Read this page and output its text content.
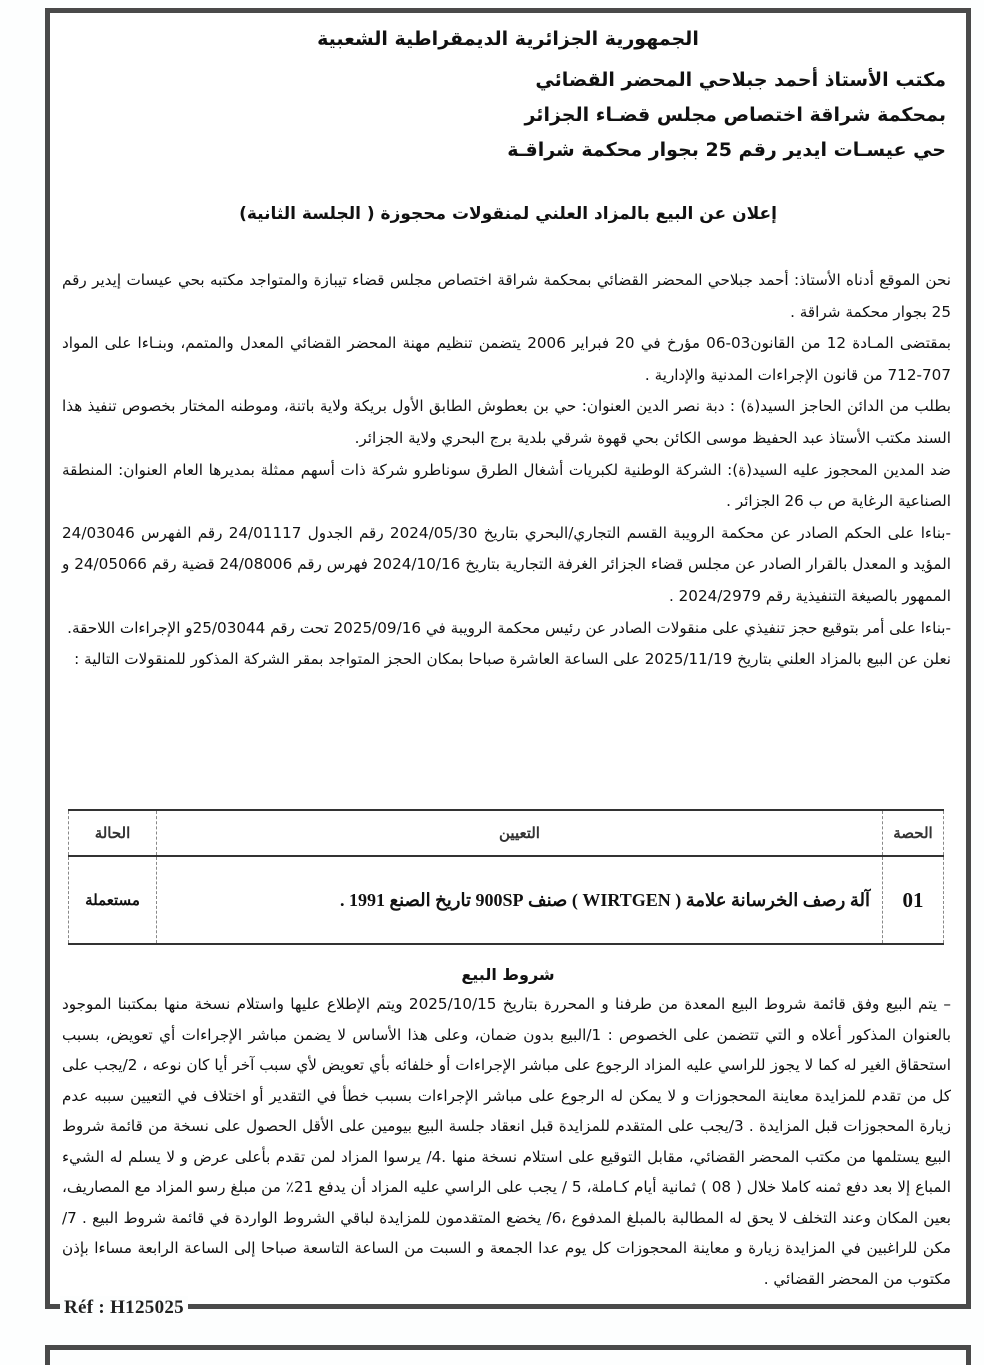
الجمهورية الجزائرية الديمقراطية الشعبية
مكتب الأستاذ أحمد جبلاحي المحضر القضائي
بمحكمة شراقة اختصاص مجلس قضـاء الجزائر
حي عيسـات ايدير رقم 25 بجوار محكمة شراقـة
إعلان عن البيع بالمزاد العلني لمنقولات محجوزة ( الجلسة الثانية)

نحن الموقع أدناه الأستاذ: أحمد جبلاحي المحضر القضائي بمحكمة شراقة اختصاص مجلس قضاء تيبازة والمتواجد مكتبه بحي عيسات إيدير رقم 25 بجوار محكمة شراقة .

بمقتضى المـادة 12 من القانون03-06 مؤرخ في 20 فبراير 2006 يتضمن تنظيم مهنة المحضر القضائي المعدل والمتمم، وبنـاءا على المواد 707-712 من قانون الإجراءات المدنية والإدارية .

بطلب من الدائن الحاجز السيد(ة) : دبة نصر الدين العنوان: حي بن بعطوش الطابق الأول بريكة ولاية باتنة، وموطنه المختار بخصوص تنفيذ هذا السند مكتب الأستاذ عبد الحفيظ موسى الكائن بحي قهوة شرقي بلدية برج البحري ولاية الجزائر.

ضد المدين المحجوز عليه السيد(ة): الشركة الوطنية لكبريات أشغال الطرق سوناطرو شركة ذات أسهم ممثلة بمديرها العام العنوان: المنطقة الصناعية الرغاية ص ب 26 الجزائر .

-بناءا على الحكم الصادر عن محكمة الرويبة القسم التجاري/البحري بتاريخ 2024/05/30 رقم الجدول 24/01117 رقم الفهرس 24/03046 المؤيد و المعدل بالقرار الصادر عن مجلس قضاء الجزائر الغرفة التجارية بتاريخ 2024/10/16 فهرس رقم 24/08006 قضية رقم 24/05066 و الممهور بالصيغة التنفيذية رقم 2024/2979 .

-بناءا على أمر بتوقيع حجز تنفيذي على منقولات الصادر عن رئيس محكمة الرويبة في 2025/09/16 تحت رقم 25/03044و الإجراءات اللاحقة.

نعلن عن البيع بالمزاد العلني بتاريخ 2025/11/19 على الساعة العاشرة صباحا بمكان الحجز المتواجد بمقر الشركة المذكور للمنقولات التالية :

الحصة	التعيين	الحالة
01	آلة رصف الخرسانة علامة ( WIRTGEN ) صنف 900SP تاريخ الصنع 1991 .	مستعملة
شروط البيع

– يتم البيع وفق قائمة شروط البيع المعدة من طرفنا و المحررة بتاريخ 2025/10/15 ويتم الإطلاع عليها واستلام نسخة منها بمكتبنا الموجود بالعنوان المذكور أعلاه و التي تتضمن على الخصوص : 1/البيع بدون ضمان، وعلى هذا الأساس لا يضمن مباشر الإجراءات أي تعويض، بسبب استحقاق الغير له كما لا يجوز للراسي عليه المزاد الرجوع على مباشر الإجراءات أو خلفائه بأي تعويض لأي سبب آخر أيا كان نوعه ، 2/يجب على كل من تقدم للمزايدة معاينة المحجوزات و لا يمكن له الرجوع على مباشر الإجراءات بسبب خطأ في التقدير أو اختلاف في التعيين سببه عدم زيارة المحجوزات قبل المزايدة . 3/يجب على المتقدم للمزايدة قبل انعقاد جلسة البيع بيومين على الأقل الحصول على نسخة من قائمة شروط البيع يستلمها من مكتب المحضر القضائي، مقابل التوقيع على استلام نسخة منها .4/ يرسوا المزاد لمن تقدم بأعلى عرض و لا يسلم له الشيء المباع إلا بعد دفع ثمنه كاملا خلال ( 08 ) ثمانية أيام كـاملة، 5 / يجب على الراسي عليه المزاد أن يدفع 21٪ من مبلغ رسو المزاد مع المصاريف، بعين المكان وعند التخلف لا يحق له المطالبة بالمبلغ المدفوع ،6/ يخضع المتقدمون للمزايدة لباقي الشروط الواردة في قائمة شروط البيع . 7/مكن للراغبين في المزايدة زيارة و معاينة المحجوزات كل يوم عدا الجمعة و السبت من الساعة التاسعة صباحا إلى الساعة الرابعة مساءا بإذن مكتوب من المحضر القضائي .

Réf : H125025
